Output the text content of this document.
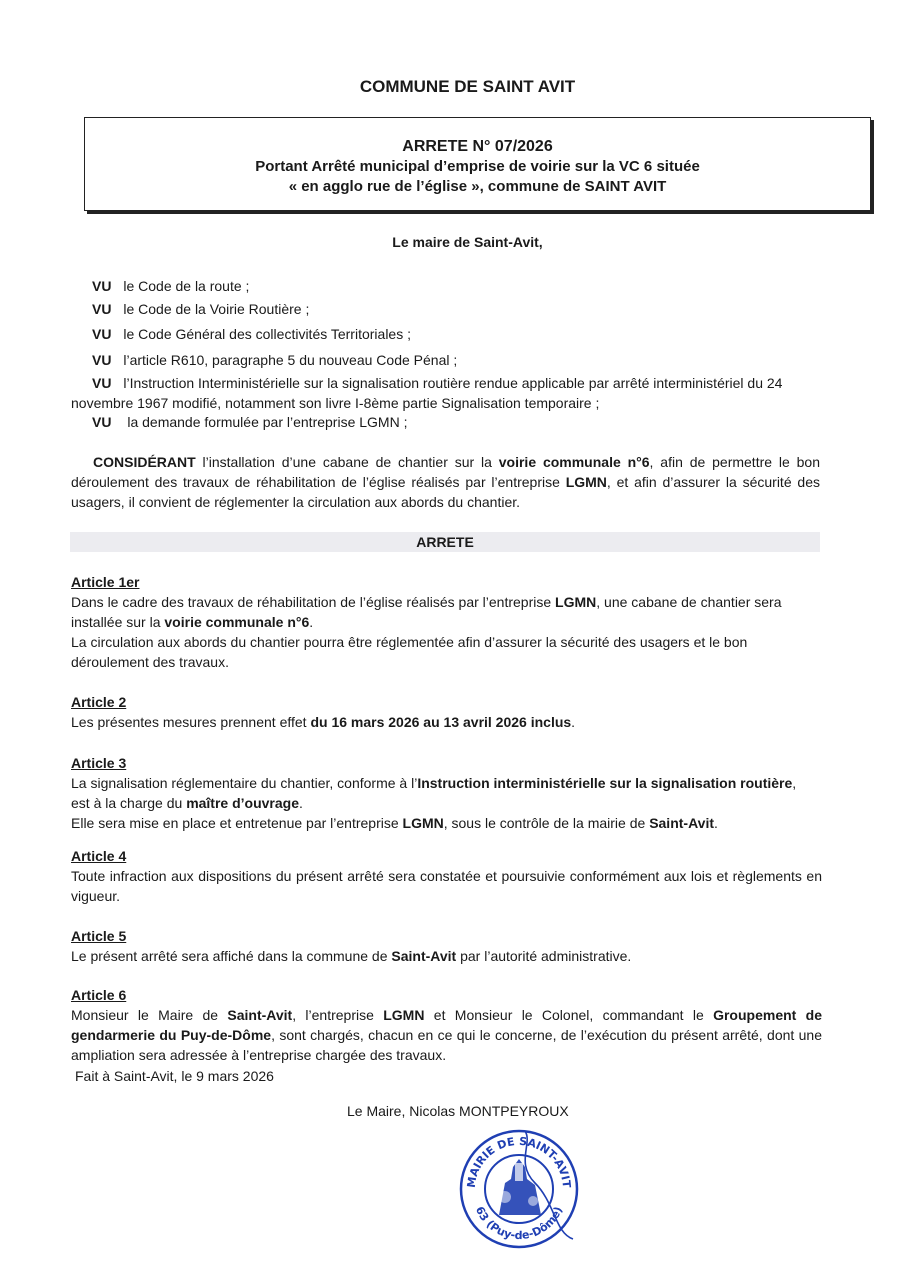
COMMUNE DE SAINT AVIT
ARRETE N° 07/2026
Portant Arrêté municipal d’emprise de voirie sur la VC 6 située
« en agglo rue de l’église », commune de SAINT AVIT
Le maire de Saint-Avit,

VU le Code de la route ;

VU le Code de la Voirie Routière ;

VU le Code Général des collectivités Territoriales ;

VU l’article R610, paragraphe 5 du nouveau Code Pénal ;

VU l’Instruction Interministérielle sur la signalisation routière rendue applicable par arrêté interministériel du 24 novembre 1967 modifié, notamment son livre I-8ème partie Signalisation temporaire ;

VU la demande formulée par l’entreprise LGMN ;

CONSIDÉRANT l’installation d’une cabane de chantier sur la voirie communale n°6, afin de permettre le bon déroulement des travaux de réhabilitation de l’église réalisés par l’entreprise LGMN, et afin d’assurer la sécurité des usagers, il convient de réglementer la circulation aux abords du chantier.
ARRETE
Article 1er

Dans le cadre des travaux de réhabilitation de l’église réalisés par l’entreprise LGMN, une cabane de chantier sera installée sur la voirie communale n°6.

La circulation aux abords du chantier pourra être réglementée afin d’assurer la sécurité des usagers et le bon déroulement des travaux.

Article 2

Les présentes mesures prennent effet du 16 mars 2026 au 13 avril 2026 inclus.

Article 3

La signalisation réglementaire du chantier, conforme à l’Instruction interministérielle sur la signalisation routière, est à la charge du maître d’ouvrage.

Elle sera mise en place et entretenue par l’entreprise LGMN, sous le contrôle de la mairie de Saint-Avit.

Article 4

Toute infraction aux dispositions du présent arrêté sera constatée et poursuivie conformément aux lois et règlements en vigueur.

Article 5

Le présent arrêté sera affiché dans la commune de Saint-Avit par l’autorité administrative.

Article 6

Monsieur le Maire de Saint-Avit, l’entreprise LGMN et Monsieur le Colonel, commandant le Groupement de gendarmerie du Puy-de-Dôme, sont chargés, chacun en ce qui le concerne, de l’exécution du présent arrêté, dont une ampliation sera adressée à l’entreprise chargée des travaux.

Fait à Saint-Avit, le 9 mars 2026
Le Maire, Nicolas MONTPEYROUX
MAIRIE DE SAINT-AVIT
63 (Puy-de-Dôme)
